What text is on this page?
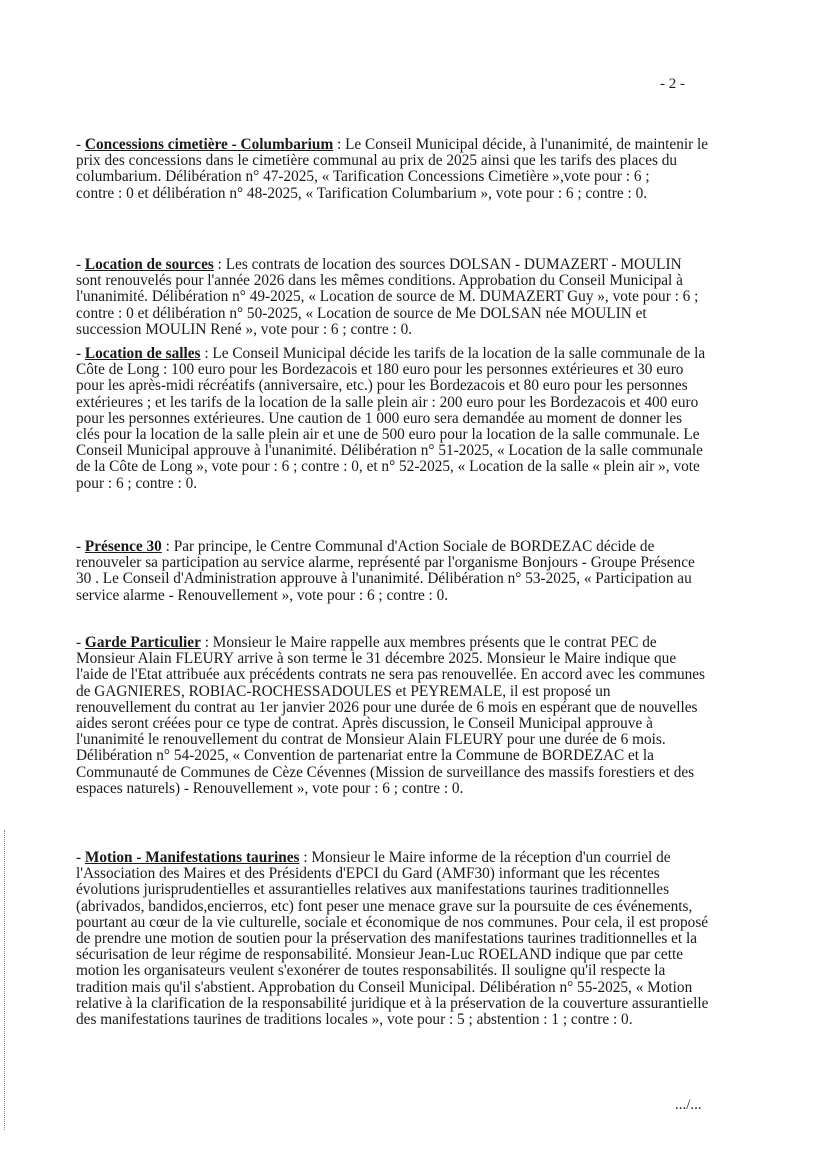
- 2 -
- Concessions cimetière - Columbarium : Le Conseil Municipal décide, à l'unanimité, de maintenir le
prix des concessions dans le cimetière communal au prix de 2025 ainsi que les tarifs des places du
columbarium. Délibération n° 47-2025, « Tarification Concessions Cimetière »,vote pour : 6 ;
contre : 0 et délibération n° 48-2025, « Tarification Columbarium », vote pour : 6 ; contre : 0.
- Location de sources : Les contrats de location des sources DOLSAN - DUMAZERT - MOULIN
sont renouvelés pour l'année 2026 dans les mêmes conditions. Approbation du Conseil Municipal à
l'unanimité. Délibération n° 49-2025, « Location de source de M. DUMAZERT Guy », vote pour : 6 ;
contre : 0 et délibération n° 50-2025, « Location de source de Me DOLSAN née MOULIN et
succession MOULIN René », vote pour : 6 ; contre : 0.
- Location de salles : Le Conseil Municipal décide les tarifs de la location de la salle communale de la
Côte de Long : 100 euro pour les Bordezacois et 180 euro pour les personnes extérieures et 30 euro
pour les après-midi récréatifs (anniversaire, etc.) pour les Bordezacois et 80 euro pour les personnes
extérieures ; et les tarifs de la location de la salle plein air : 200 euro pour les Bordezacois et 400 euro
pour les personnes extérieures. Une caution de 1 000 euro sera demandée au moment de donner les
clés pour la location de la salle plein air et une de 500 euro pour la location de la salle communale. Le
Conseil Municipal approuve à l'unanimité. Délibération n° 51-2025, « Location de la salle communale
de la Côte de Long », vote pour : 6 ; contre : 0, et n° 52-2025, « Location de la salle « plein air », vote
pour : 6 ; contre : 0.
- Présence 30 : Par principe, le Centre Communal d'Action Sociale de BORDEZAC décide de
renouveler sa participation au service alarme, représenté par l'organisme Bonjours - Groupe Présence
30 . Le Conseil d'Administration approuve à l'unanimité. Délibération n° 53-2025, « Participation au
service alarme - Renouvellement », vote pour : 6 ; contre : 0.
- Garde Particulier : Monsieur le Maire rappelle aux membres présents que le contrat PEC de
Monsieur Alain FLEURY arrive à son terme le 31 décembre 2025. Monsieur le Maire indique que
l'aide de l'Etat attribuée aux précédents contrats ne sera pas renouvellée. En accord avec les communes
de GAGNIERES, ROBIAC-ROCHESSADOULES et PEYREMALE, il est proposé un
renouvellement du contrat au 1er janvier 2026 pour une durée de 6 mois en espérant que de nouvelles
aides seront créées pour ce type de contrat. Après discussion, le Conseil Municipal approuve à
l'unanimité le renouvellement du contrat de Monsieur Alain FLEURY pour une durée de 6 mois.
Délibération n° 54-2025, « Convention de partenariat entre la Commune de BORDEZAC et la
Communauté de Communes de Cèze Cévennes (Mission de surveillance des massifs forestiers et des
espaces naturels) - Renouvellement », vote pour : 6 ; contre : 0.
- Motion - Manifestations taurines : Monsieur le Maire informe de la réception d'un courriel de
l'Association des Maires et des Présidents d'EPCI du Gard (AMF30) informant que les récentes
évolutions jurisprudentielles et assurantielles relatives aux manifestations taurines traditionnelles
(abrivados, bandidos,encierros, etc) font peser une menace grave sur la poursuite de ces événements,
pourtant au cœur de la vie culturelle, sociale et économique de nos communes. Pour cela, il est proposé
de prendre une motion de soutien pour la préservation des manifestations taurines traditionnelles et la
sécurisation de leur régime de responsabilité. Monsieur Jean-Luc ROELAND indique que par cette
motion les organisateurs veulent s'exonérer de toutes responsabilités. Il souligne qu'il respecte la
tradition mais qu'il s'abstient. Approbation du Conseil Municipal. Délibération n° 55-2025, « Motion
relative à la clarification de la responsabilité juridique et à la préservation de la couverture assurantielle
des manifestations taurines de traditions locales », vote pour : 5 ; abstention : 1 ; contre : 0.
.../...
